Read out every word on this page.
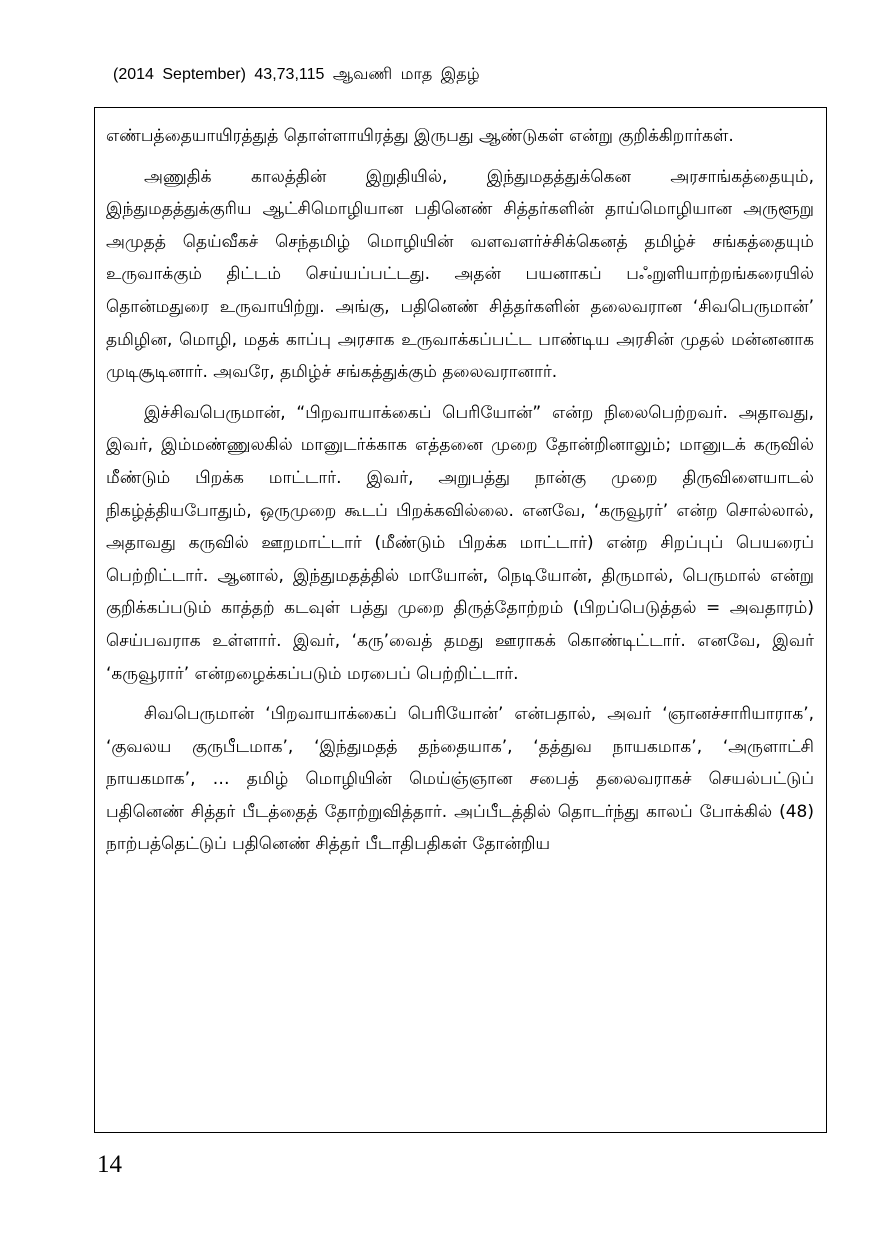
(2014 September) 43,73,115 ஆவணி மாத இதழ்

எண்பத்தையாயிரத்துத் தொள்ளாயிரத்து இருபது ஆண்டுகள் என்று குறிக்கிறார்கள்.

அணுதிக் காலத்தின் இறுதியில், இந்துமதத்துக்கென அரசாங்கத்தையும், இந்துமதத்துக்குரிய ஆட்சிமொழியான பதினெண் சித்தர்களின் தாய்மொழியான அருளூறு அமுதத் தெய்வீகச் செந்தமிழ் மொழியின் வளவளர்ச்சிக்கெனத் தமிழ்ச் சங்கத்தையும் உருவாக்கும் திட்டம் செய்யப்பட்டது. அதன் பயனாகப் பஃறுளியாற்றங்கரையில் தொன்மதுரை உருவாயிற்று. அங்கு, பதினெண் சித்தர்களின் தலைவரான ‘சிவபெருமான்’ தமிழின, மொழி, மதக் காப்பு அரசாக உருவாக்கப்பட்ட பாண்டிய அரசின் முதல் மன்னனாக முடிசூடினார். அவரே, தமிழ்ச் சங்கத்துக்கும் தலைவரானார்.

இச்சிவபெருமான், “பிறவாயாக்கைப் பெரியோன்” என்ற நிலைபெற்றவர். அதாவது, இவர், இம்மண்ணுலகில் மானுடர்க்காக எத்தனை முறை தோன்றினாலும்; மானுடக் கருவில் மீண்டும் பிறக்க மாட்டார். இவர், அறுபத்து நான்கு முறை திருவிளையாடல் நிகழ்த்தியபோதும், ஒருமுறை கூடப் பிறக்கவில்லை. எனவே, ‘கருவூரர்’ என்ற சொல்லால், அதாவது கருவில் ஊறமாட்டார் (மீண்டும் பிறக்க மாட்டார்) என்ற சிறப்புப் பெயரைப் பெற்றிட்டார். ஆனால், இந்துமதத்தில் மாயோன், நெடியோன், திருமால், பெருமால் என்று குறிக்கப்படும் காத்தற் கடவுள் பத்து முறை திருத்தோற்றம் (பிறப்பெடுத்தல் = அவதாரம்) செய்பவராக உள்ளார். இவர், ‘கரு’வைத் தமது ஊராகக் கொண்டிட்டார். எனவே, இவர் ‘கருவூரார்’ என்றழைக்கப்படும் மரபைப் பெற்றிட்டார்.

சிவபெருமான் ‘பிறவாயாக்கைப் பெரியோன்’ என்பதால், அவர் ‘ஞானச்சாரியாராக’, ‘குவலய குருபீடமாக’, ‘இந்துமதத் தந்தையாக’, ‘தத்துவ நாயகமாக’, ‘அருளாட்சி நாயகமாக’, … தமிழ் மொழியின் மெய்ஞ்ஞான சபைத் தலைவராகச் செயல்பட்டுப் பதினெண் சித்தர் பீடத்தைத் தோற்றுவித்தார். அப்பீடத்தில் தொடர்ந்து காலப் போக்கில் (48) நாற்பத்தெட்டுப் பதினெண் சித்தர் பீடாதிபதிகள் தோன்றிய

14
